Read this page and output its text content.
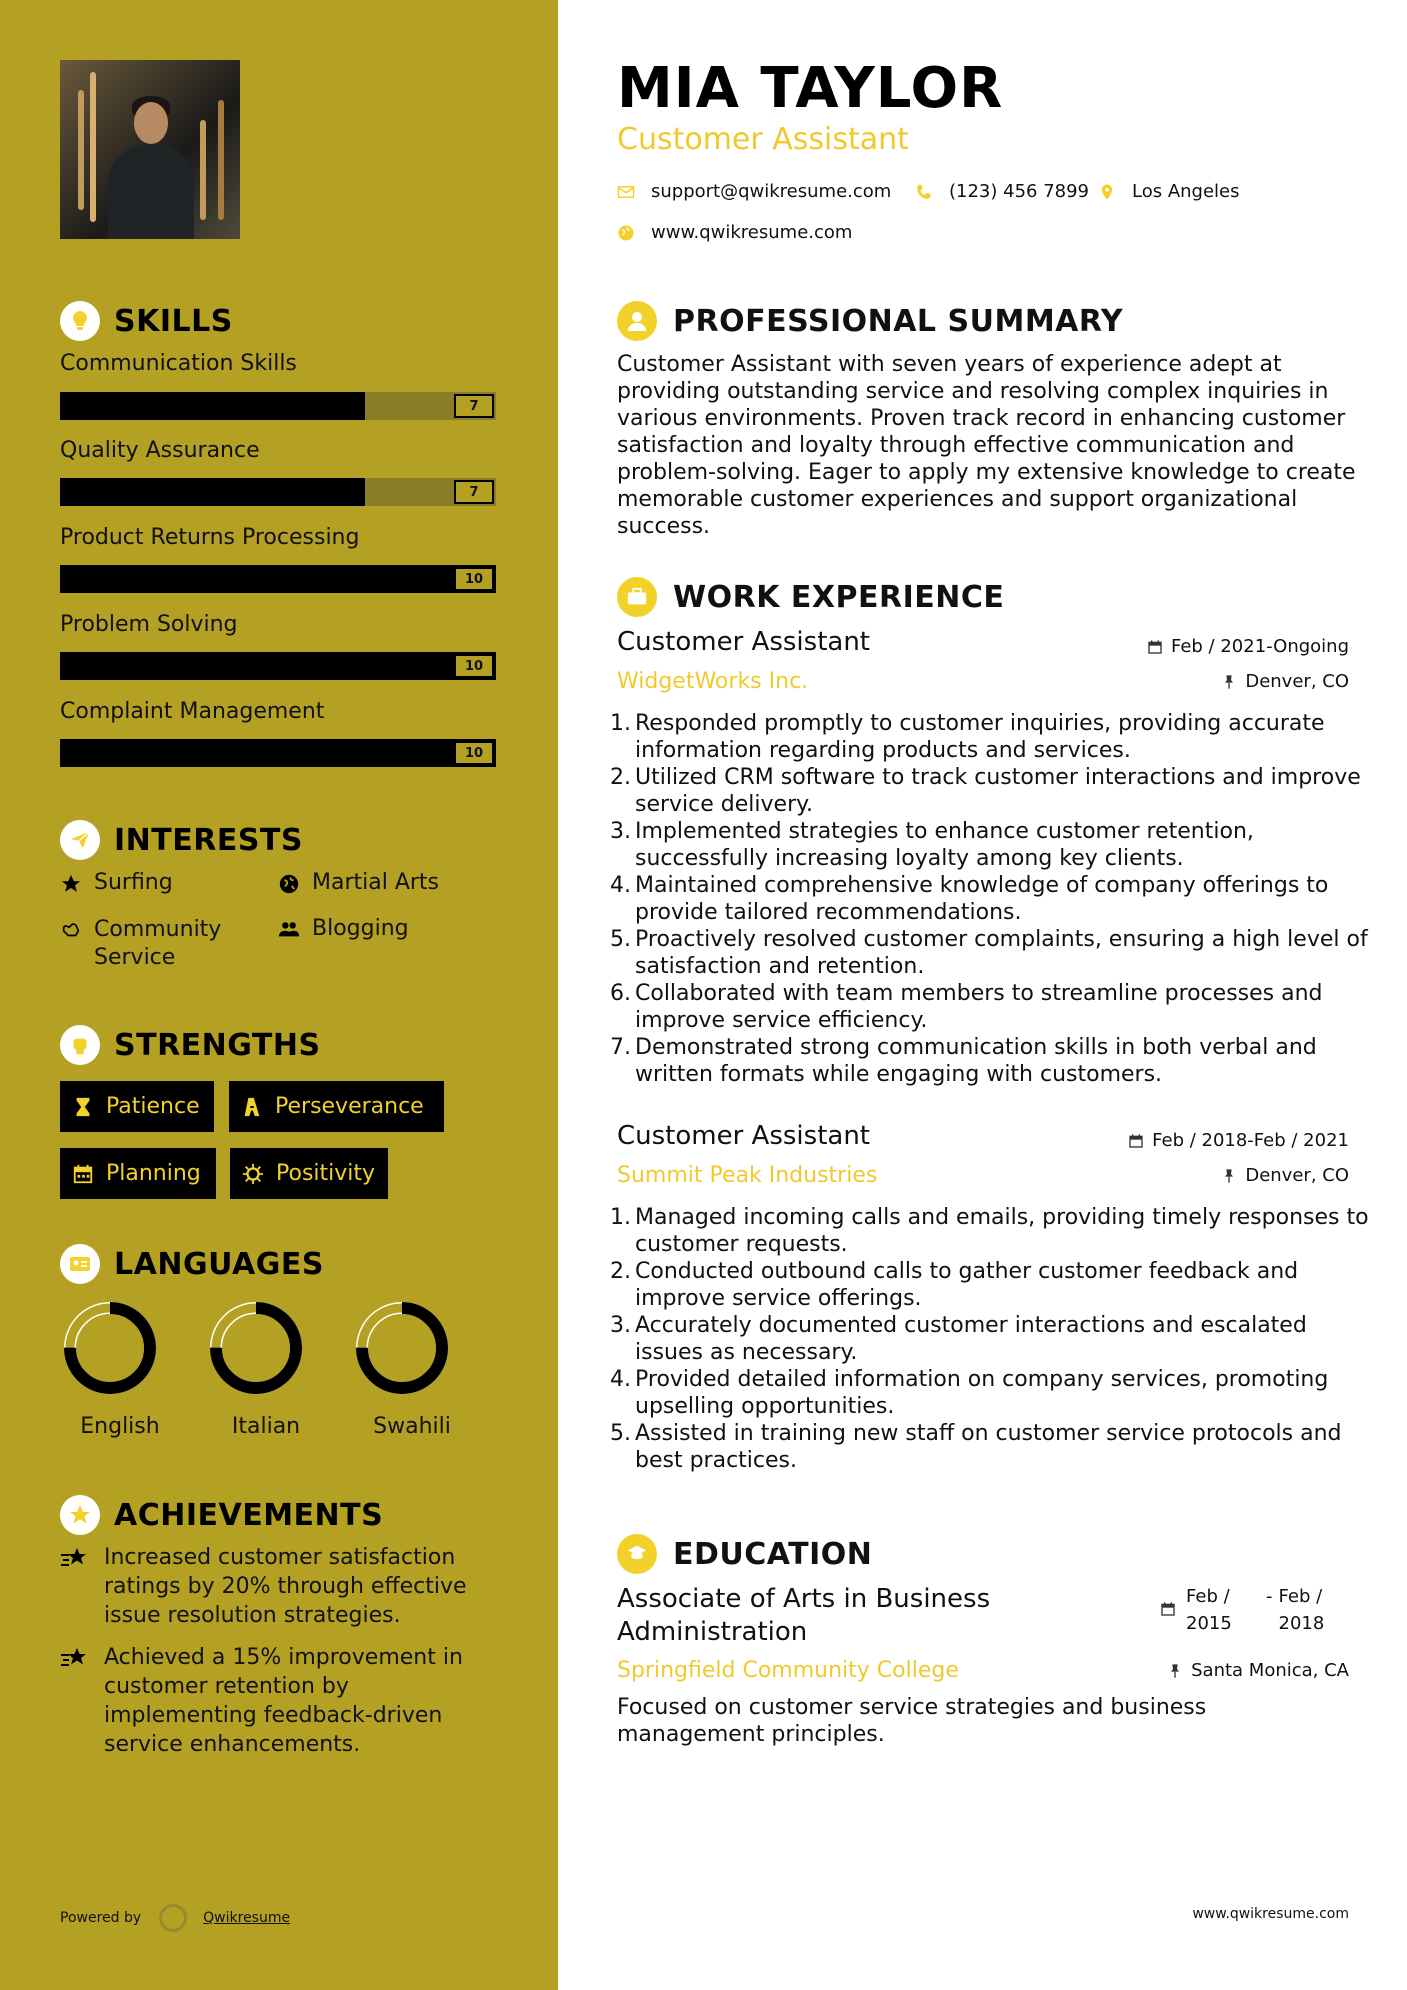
SKILLS
Communication Skills
7
Quality Assurance
7
Product Returns Processing
10
Problem Solving
10
Complaint Management
10
INTERESTS
Surfing	Martial Arts
Community Service
Blogging
STRENGTHS
Patience	Perseverance
Planning	Positivity
LANGUAGES
English	Italian	Swahili
ACHIEVEMENTS
Increased customer satisfaction ratings by 20% through effective issue resolution strategies.
Achieved a 15% improvement in customer retention by implementing feedback-driven service enhancements.
Powered by	Qwikresume
MIA TAYLOR
Customer Assistant
support@qwikresume.com	(123) 456 7899 Los Angeles
www.qwikresume.com
PROFESSIONAL SUMMARY
Customer Assistant with seven years of experience adept at providing outstanding service and resolving complex inquiries in various environments. Proven track record in enhancing customer satisfaction and loyalty through effective communication and problem-solving. Eager to apply my extensive knowledge to create memorable customer experiences and support organizational success.
WORK EXPERIENCE
Customer Assistant
WidgetWorks Inc.
Feb / 2021-Ongoing
Denver, CO
1. Responded promptly to customer inquiries, providing accurate information regarding products and services.
2. Utilized CRM software to track customer interactions and improve service delivery.
3. Implemented strategies to enhance customer retention, successfully increasing loyalty among key clients.
4. Maintained comprehensive knowledge of company offerings to provide tailored recommendations.
5. Proactively resolved customer complaints, ensuring a high level of satisfaction and retention.
6. Collaborated with team members to streamline processes and improve service efficiency.
7. Demonstrated strong communication skills in both verbal and written formats while engaging with customers.
Customer Assistant
Summit Peak Industries
Feb / 2018-Feb / 2021
Denver, CO
1. Managed incoming calls and emails, providing timely responses to customer requests.
2. Conducted outbound calls to gather customer feedback and improve service offerings.
3. Accurately documented customer interactions and escalated issues as necessary.
4. Provided detailed information on company services, promoting upselling opportunities.
5. Assisted in training new staff on customer service protocols and best practices.
EDUCATION
Associate of Arts in Business Administration
Springfield Community College
Feb / 2015
- Feb / 2018
Santa Monica, CA
Focused on customer service strategies and business management principles.
www.qwikresume.com
